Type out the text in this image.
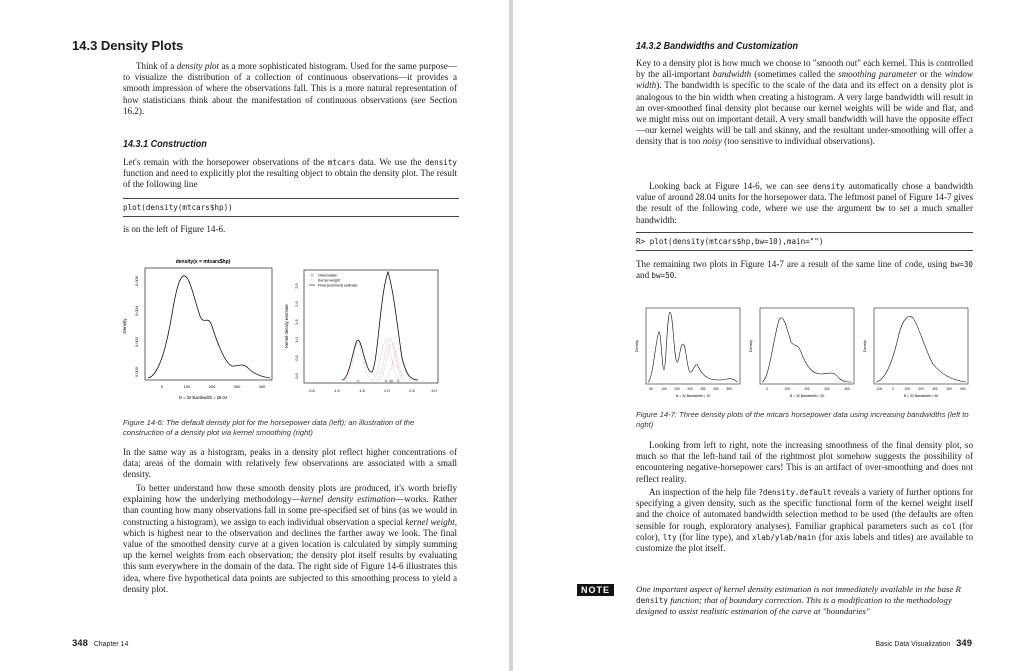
14.3 Density Plots
Think of a density plot as a more sophisticated histogram. Used for the same purpose—to visualize the distribution of a collection of continuous observations—it provides a smooth impression of where the observations fall. This is a more natural representation of how statisticians think about the manifestation of continuous observations (see Section 16.2).
14.3.1 Construction
Let's remain with the horsepower observations of the mtcars data. We use the density function and need to explicitly plot the resulting object to obtain the density plot. The result of the following line
plot(density(mtcars$hp))
is on the left of Figure 14-6.
density(x = mtcars$hp)
Density
0.000
0.002
0.004
0.006
0	100	200	300	400
N = 32 Bandwidth = 28.04
Kernel density estimate
0.0
0.5
1.0
1.5
2.0
2.5
0.5	1.0	1.5	2.0	2.5	3.0
Observation
Kernel weight
Final (summed) estimate
Figure 14-6: The default density plot for the horsepower data (left); an illustration of the construction of a density plot via kernel smoothing (right)
In the same way as a histogram, peaks in a density plot reflect higher concentrations of data; areas of the domain with relatively few observations are associated with a small density.
To better understand how these smooth density plots are produced, it's worth briefly explaining how the underlying methodology—kernel density estimation—works. Rather than counting how many observations fall in some pre-specified set of bins (as we would in constructing a histogram), we assign to each individual observation a special kernel weight, which is highest near to the observation and declines the farther away we look. The final value of the smoothed density curve at a given location is calculated by simply summing up the kernel weights from each observation; the density plot itself results by evaluating this sum everywhere in the domain of the data. The right side of Figure 14-6 illustrates this idea, where five hypothetical data points are subjected to this smoothing process to yield a density plot.
348 Chapter 14
14.3.2 Bandwidths and Customization
Key to a density plot is how much we choose to "smooth out" each kernel. This is controlled by the all-important bandwidth (sometimes called the smoothing parameter or the window width). The bandwidth is specific to the scale of the data and its effect on a density plot is analogous to the bin width when creating a histogram. A very large bandwidth will result in an over-smoothed final density plot because our kernel weights will be wide and flat, and we might miss out on important detail. A very small bandwidth will have the opposite effect—our kernel weights will be tall and skinny, and the resultant under-smoothing will offer a density that is too noisy (too sensitive to individual observations).
Looking back at Figure 14-6, we can see density automatically chose a bandwidth value of around 28.04 units for the horsepower data. The leftmost panel of Figure 14-7 gives the result of the following code, where we use the argument bw to set a much smaller bandwidth:
R> plot(density(mtcars$hp,bw=10),main="")
The remaining two plots in Figure 14-7 are a result of the same line of code, using bw=30 and bw=50.
Density
50	100 150 200 250 300 350
N = 32 Bandwidth = 10
Density
0	100	200	300	400
N = 32 Bandwidth = 30
Density
-100	0	100	200	300	400	500
N = 32 Bandwidth = 50
Figure 14-7: Three density plots of the mtcars horsepower data using increasing bandwidths (left to right)
Looking from left to right, note the increasing smoothness of the final density plot, so much so that the left-hand tail of the rightmost plot somehow suggests the possibility of encountering negative-horsepower cars! This is an artifact of over-smoothing and does not reflect reality.
An inspection of the help file ?density.default reveals a variety of further options for specifying a given density, such as the specific functional form of the kernel weight itself and the choice of automated bandwidth selection method to be used (the defaults are often sensible for rough, exploratory analyses). Familiar graphical parameters such as col (for color), lty (for line type), and xlab/ylab/main (for axis labels and titles) are available to customize the plot itself.
NOTE	One important aspect of kernel density estimation is not immediately available in the base R density function; that of boundary correction. This is a modification to the methodology designed to assist realistic estimation of the curve at "boundaries"
Basic Data Visualization 349
